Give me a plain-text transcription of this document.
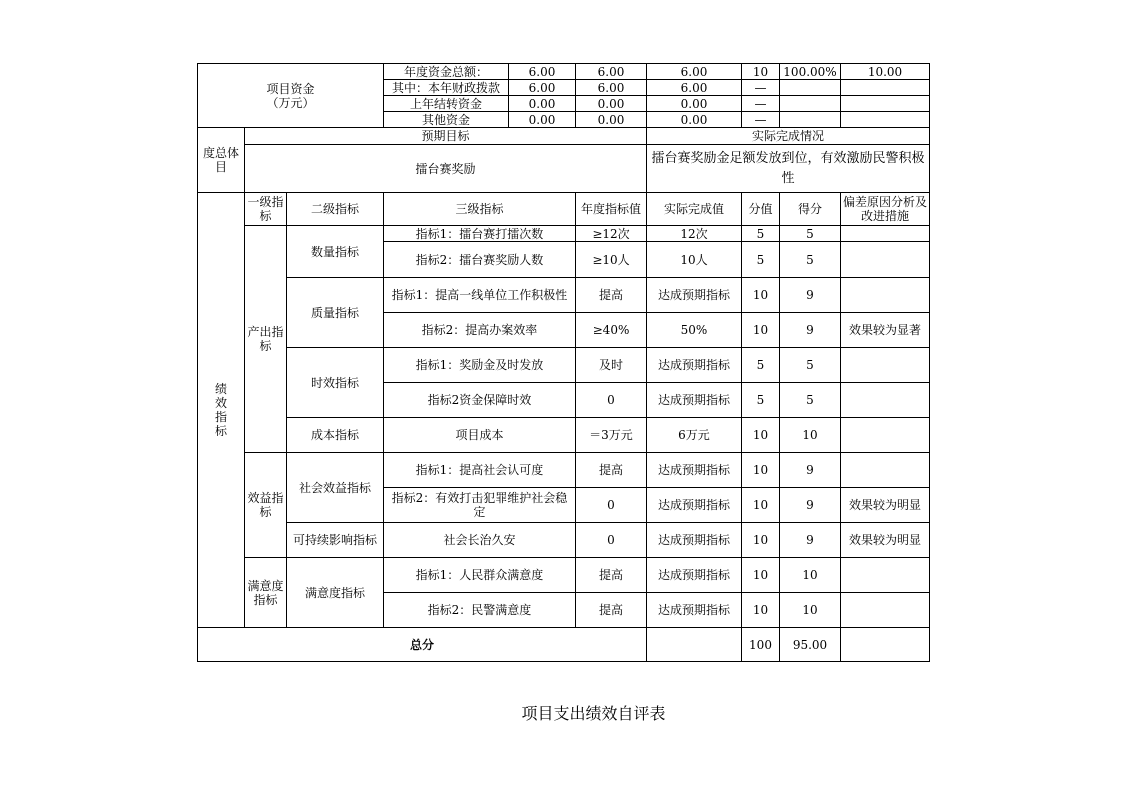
项目资金
（万元）			年度资金总额：	6.00	6.00	6.00	10	100.00%	10.00
			其中：本年财政拨款	6.00	6.00	6.00	—		
			上年结转资金	0.00	0.00	0.00	—		
			其他资金	0.00	0.00	0.00	—		
度总体目	预期目标					实际完成情况			
	擂台赛奖励					擂台赛奖励金足额发放到位，有效激励民警积极性			
绩效指标	一级指标	二级指标	三级指标		年度指标值	实际完成值	分值	得分	偏差原因分析及改进措施
	产出指标	数量指标	指标1：擂台赛打擂次数		≥12次	12次	5	5	
			指标2：擂台赛奖励人数		≥10人	10人	5	5	
		质量指标	指标1：提高一线单位工作积极性		提高	达成预期指标	10	9	
			指标2：提高办案效率		≥40%	50%	10	9	效果较为显著
		时效指标	指标1：奖励金及时发放		及时	达成预期指标	5	5	
			指标2资金保障时效		0	达成预期指标	5	5	
		成本指标	项目成本		＝3万元	6万元	10	10	
	效益指标	社会效益指标	指标1：提高社会认可度		提高	达成预期指标	10	9	
			指标2：有效打击犯罪维护社会稳定		0	达成预期指标	10	9	效果较为明显
		可持续影响指标	社会长治久安		0	达成预期指标	10	9	效果较为明显
	满意度指标	满意度指标	指标1：人民群众满意度		提高	达成预期指标	10	10	
			指标2：民警满意度		提高	达成预期指标	10	10	
总分							100	95.00	
项目支出绩效自评表
